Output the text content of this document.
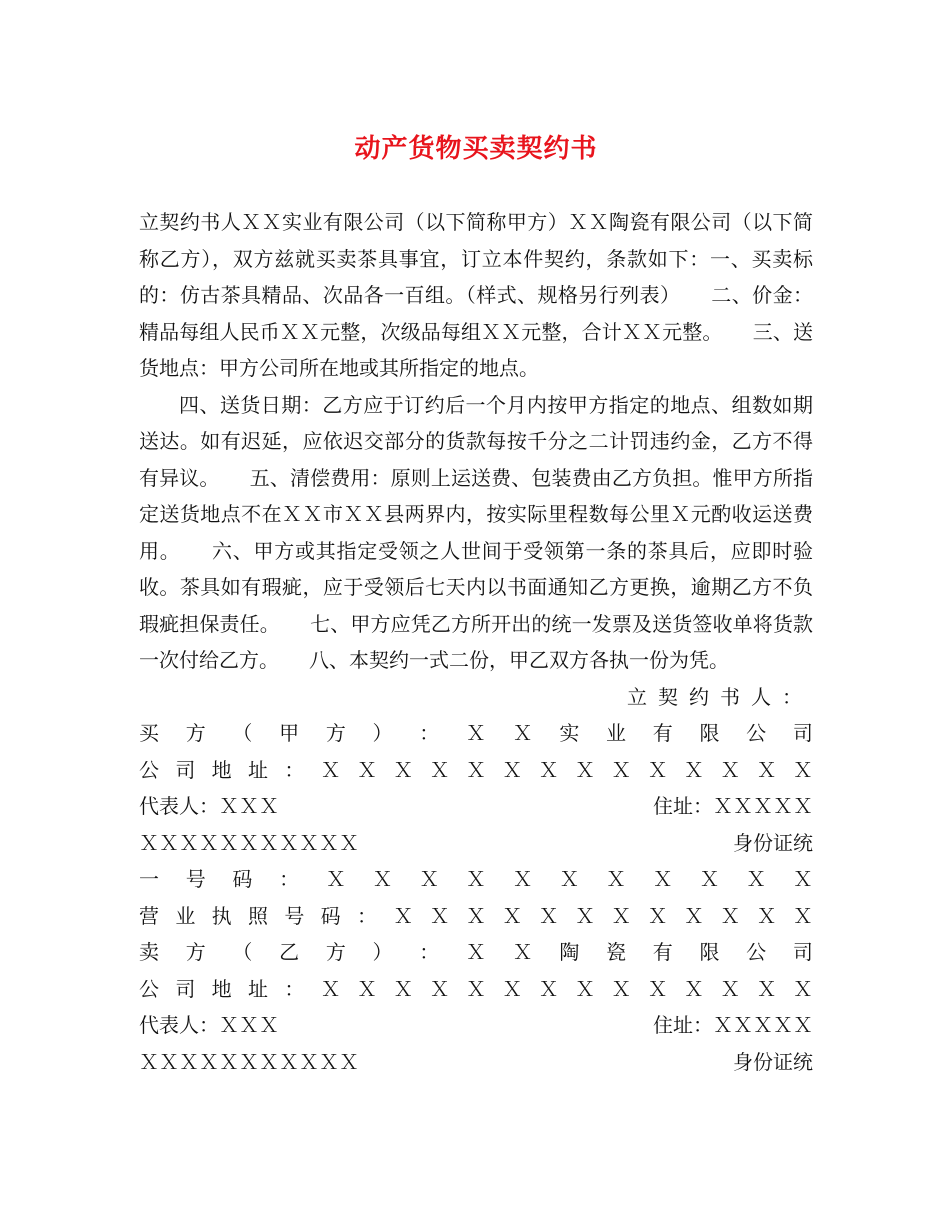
动产货物买卖契约书

立契约书人ＸＸ实业有限公司（以下简称甲方）ＸＸ陶瓷有限公司（以下简称乙方），双方兹就买卖茶具事宜，订立本件契约，条款如下：一、买卖标的：仿古茶具精品、次品各一百组。（样式、规格另行列表）　　二、价金：精品每组人民币ＸＸ元整，次级品每组ＸＸ元整，合计ＸＸ元整。　　三、送货地点：甲方公司所在地或其所指定的地点。

四、送货日期：乙方应于订约后一个月内按甲方指定的地点、组数如期送达。如有迟延，应依迟交部分的货款每按千分之二计罚违约金，乙方不得有异议。　　五、清偿费用：原则上运送费、包装费由乙方负担。惟甲方所指定送货地点不在ＸＸ市ＸＸ县两界内，按实际里程数每公里Ｘ元酌收运送费用。　　六、甲方或其指定受领之人世间于受领第一条的茶具后，应即时验收。茶具如有瑕疵，应于受领后七天内以书面通知乙方更换，逾期乙方不负瑕疵担保责任。　　七、甲方应凭乙方所开出的统一发票及送货签收单将货款一次付给乙方。　　八、本契约一式二份，甲乙双方各执一份为凭。

立契约书人：
买 方 （ 甲 方 ） ： Ｘ Ｘ 实 业 有 限 公 司
公 司 地 址 ： Ｘ Ｘ Ｘ Ｘ Ｘ Ｘ Ｘ Ｘ Ｘ Ｘ Ｘ Ｘ Ｘ Ｘ
代表人：ＸＸＸ	住址：ＸＸＸＸＸ
ＸＸＸＸＸＸＸＸＸＸＸ	身份证统
一 号 码 ： Ｘ Ｘ Ｘ Ｘ Ｘ Ｘ Ｘ Ｘ Ｘ Ｘ Ｘ
营 业 执 照 号 码 ： Ｘ Ｘ Ｘ Ｘ Ｘ Ｘ Ｘ Ｘ Ｘ Ｘ Ｘ Ｘ
卖 方 （ 乙 方 ） ： Ｘ Ｘ 陶 瓷 有 限 公 司
公 司 地 址 ： Ｘ Ｘ Ｘ Ｘ Ｘ Ｘ Ｘ Ｘ Ｘ Ｘ Ｘ Ｘ Ｘ Ｘ
代表人：ＸＸＸ	住址：ＸＸＸＸＸ
ＸＸＸＸＸＸＸＸＸＸＸ	身份证统
